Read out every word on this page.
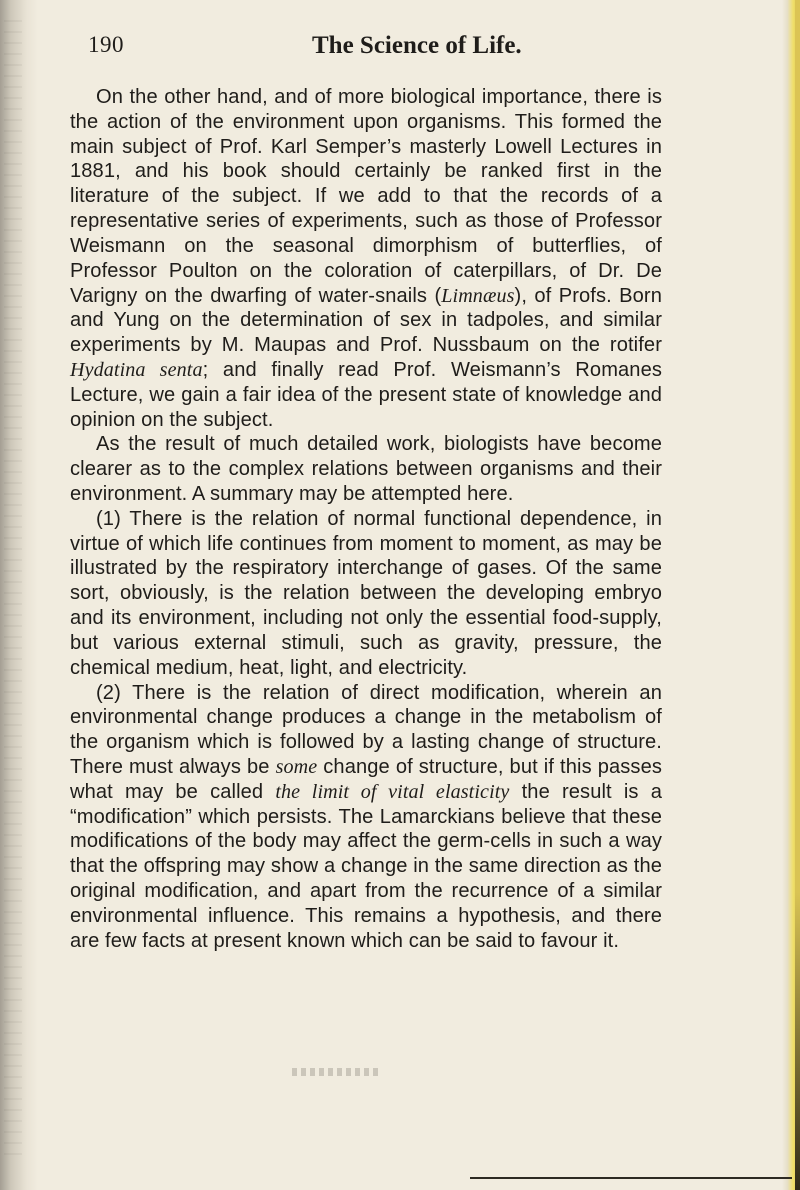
190	The Science of Life.

On the other hand, and of more biological importance, there is the action of the environment upon organisms. This formed the main subject of Prof. Karl Semper’s masterly Lowell Lectures in 1881, and his book should certainly be ranked first in the literature of the subject. If we add to that the records of a representative series of experiments, such as those of Professor Weismann on the seasonal dimorphism of butterflies, of Professor Poulton on the coloration of caterpillars, of Dr. De Varigny on the dwarfing of water-snails (Limnæus), of Profs. Born and Yung on the determination of sex in tadpoles, and similar experiments by M. Maupas and Prof. Nussbaum on the rotifer Hydatina senta; and finally read Prof. Weismann’s Romanes Lecture, we gain a fair idea of the present state of knowledge and opinion on the subject.

As the result of much detailed work, biologists have become clearer as to the complex relations between organisms and their environment. A summary may be attempted here.

(1) There is the relation of normal functional dependence, in virtue of which life continues from moment to moment, as may be illustrated by the respiratory interchange of gases. Of the same sort, obviously, is the relation between the developing embryo and its environment, including not only the essential food-supply, but various external stimuli, such as gravity, pressure, the chemical medium, heat, light, and electricity.

(2) There is the relation of direct modification, wherein an environmental change produces a change in the metabolism of the organism which is followed by a lasting change of structure. There must always be some change of structure, but if this passes what may be called the limit of vital elasticity the result is a “modification” which persists. The Lamarckians believe that these modifications of the body may affect the germ-cells in such a way that the offspring may show a change in the same direction as the original modification, and apart from the recurrence of a similar environmental influence. This remains a hypothesis, and there are few facts at present known which can be said to favour it.
